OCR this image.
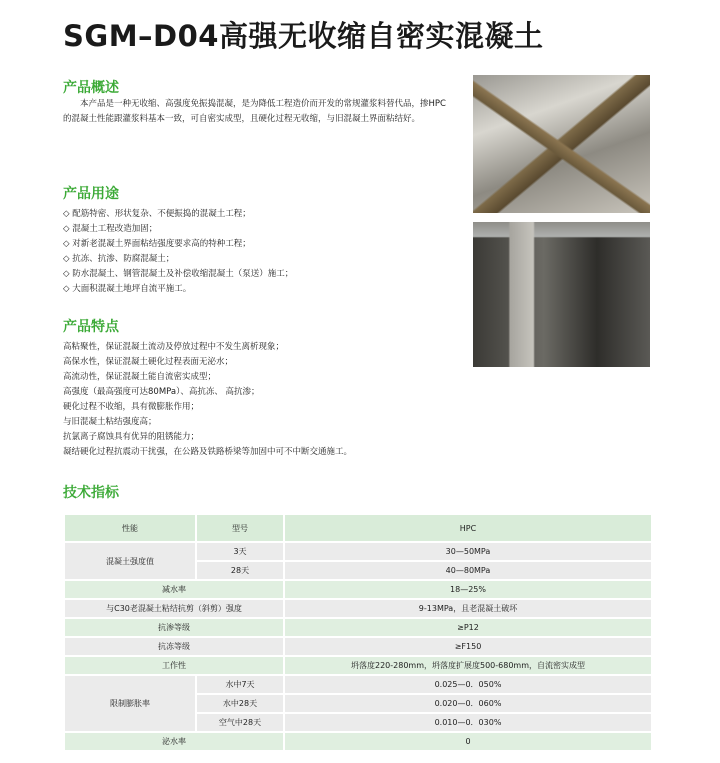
SGM–D04高强无收缩自密实混凝土
产品概述
本产品是一种无收缩、高强度免振捣混凝，是为降低工程造价而开发的常规灌浆料替代品，掺HPC的混凝土性能跟灌浆料基本一致，可自密实成型，且硬化过程无收缩，与旧混凝土界面粘结好。
产品用途
◇ 配筋特密、形状复杂、不便振捣的混凝土工程；
◇ 混凝土工程改造加固；
◇ 对新老混凝土界面粘结强度要求高的特种工程；
◇ 抗冻、抗渗、防腐混凝土；
◇ 防水混凝土、钢管混凝土及补偿收缩混凝土（泵送）施工；
◇ 大面积混凝土地坪自流平施工。
产品特点
高粘聚性，保证混凝土流动及停放过程中不发生离析现象；
高保水性，保证混凝土硬化过程表面无泌水；
高流动性，保证混凝土能自流密实成型；
高强度（最高强度可达80MPa）、高抗冻、 高抗渗；
硬化过程不收缩，具有微膨胀作用；
与旧混凝土粘结强度高；
抗氯离子腐蚀具有优异的阻锈能力；
凝结硬化过程抗震动干扰强，在公路及铁路桥梁等加固中可不中断交通施工。
技术指标
性能	型号	HPC
混凝土强度值	3天	30—50MPa
	28天	40—80MPa
减水率		18—25%
与C30老混凝土粘结抗剪（斜剪）强度		9-13MPa，且老混凝土破坏
抗渗等级		≥P12
抗冻等级		≥F150
工作性		坍落度220-280mm，坍落度扩展度500-680mm，自流密实成型
限制膨胀率	水中7天	0.025—0．050%
	水中28天	0.020—0．060%
	空气中28天	0.010—0．030%
泌水率		0
